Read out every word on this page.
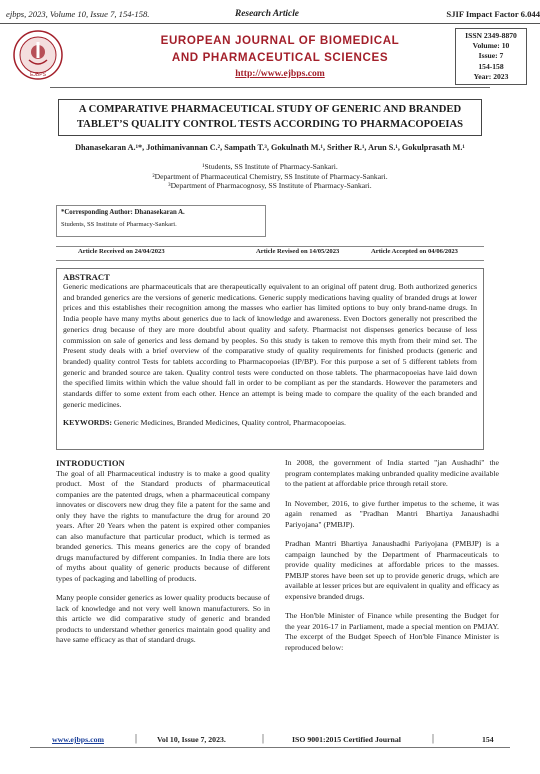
ejbps, 2023, Volume 10, Issue 7, 154-158.	Research Article	SJIF Impact Factor 6.044
EJBPS
EUROPEAN JOURNAL OF BIOMEDICAL
AND PHARMACEUTICAL SCIENCES
http://www.ejbps.com
ISSN 2349-8870
Volume: 10
Issue: 7
154-158
Year: 2023
A COMPARATIVE PHARMACEUTICAL STUDY OF GENERIC AND BRANDED
TABLET’S QUALITY CONTROL TESTS ACCORDING TO PHARMACOPOEIAS
Dhanasekaran A.¹*, Jothimanivannan C.², Sampath T.³, Gokulnath M.¹, Srither R.¹, Arun S.¹, Gokulprasath M.¹
¹Students, SS Institute of Pharmacy-Sankari.
²Department of Pharmaceutical Chemistry, SS Institute of Pharmacy-Sankari.
³Department of Pharmacognosy, SS Institute of Pharmacy-Sankari.
*Corresponding Author: Dhanasekaran A.
Students, SS Institute of Pharmacy-Sankari.
Article Received on 24/04/2023	Article Revised on 14/05/2023	Article Accepted on 04/06/2023
ABSTRACT
Generic medications are pharmaceuticals that are therapeutically equivalent to an original off patent drug. Both authorized generics and branded generics are the versions of generic medications. Generic supply medications having quality of branded drugs at lower prices and this establishes their recognition among the masses who earlier has limited options to buy only brand-name drugs. In India people have many myths about generics due to lack of knowledge and awareness. Even Doctors generally not prescribed the generics drug because of they are more doubtful about quality and safety. Pharmacist not dispenses generics because of less commission on sale of generics and less demand by peoples. So this study is taken to remove this myth from their mind set. The Present study deals with a brief overview of the comparative study of quality requirements for finished products (generic and branded) quality control Tests for tablets according to Pharmacopoeias (IP/BP). For this purpose a set of 5 different tablets from generic and branded source are taken. Quality control tests were conducted on those tablets. The pharmacopoeias have laid down the specified limits within which the value should fall in order to be compliant as per the standards. However the parameters and standards differ to some extent from each other. Hence an attempt is being made to compare the quality of the each branded and generic medicines.
KEYWORDS: Generic Medicines, Branded Medicines, Quality control, Pharmacopoeias.
INTRODUCTION

The goal of all Pharmaceutical industry is to make a good quality product. Most of the Standard products of pharmaceutical companies are the patented drugs, when a pharmaceutical company innovates or discovers new drug they file a patent for the same and only they have the rights to manufacture the drug for around 20 years. After 20 Years when the patent is expired other companies can also manufacture that particular product, which is termed as branded generics. This means generics are the copy of branded drugs manufactured by different companies. In India there are lots of myths about quality of generic products because of different types of packaging and labelling of products.

Many people consider generics as lower quality products because of lack of knowledge and not very well known manufacturers. So in this article we did comparative study of generic and branded products to understand whether generics maintain good quality and have same efficacy as that of standard drugs.

In 2008, the government of India started "jan Aushadhi" the program contemplates making unbranded quality medicine available to the patient at affordable price through retail store.

In November, 2016, to give further impetus to the scheme, it was again renamed as "Pradhan Mantri Bhartiya Janaushadhi Pariyojana" (PMBJP).

Pradhan Mantri Bhartiya Janaushadhi Pariyojana (PMBJP) is a campaign launched by the Department of Pharmaceuticals to provide quality medicines at affordable prices to the masses. PMBJP stores have been set up to provide generic drugs, which are available at lesser prices but are equivalent in quality and efficacy as expensive branded drugs.

The Hon'ble Minister of Finance while presenting the Budget for the year 2016-17 in Parliament, made a special mention on PMJAY. The excerpt of the Budget Speech of Hon'ble Finance Minister is reproduced below:

www.ejbps.com	|	Vol 10, Issue 7, 2023.	|	ISO 9001:2015 Certified Journal	|	154
